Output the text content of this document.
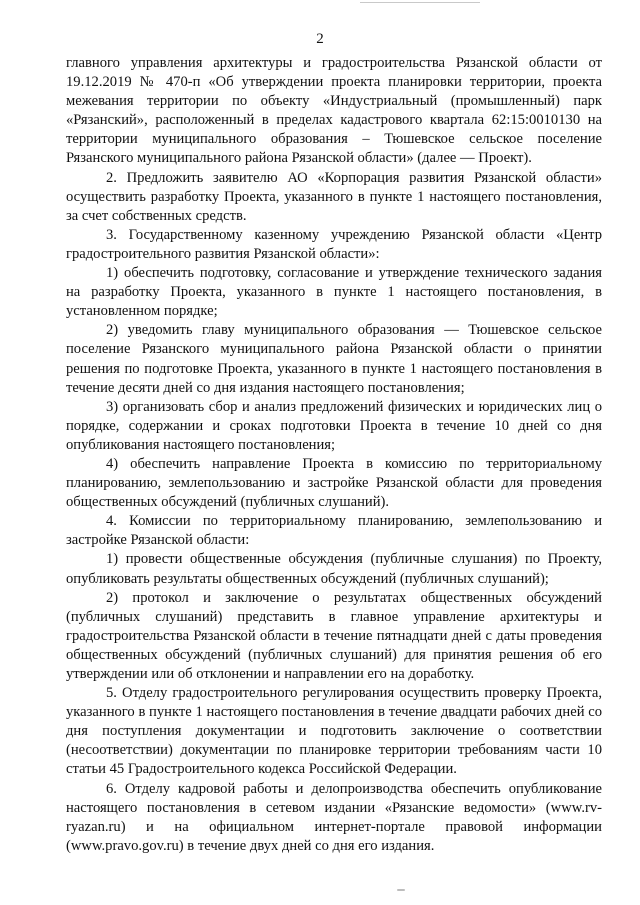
2

главного управления архитектуры и градостроительства Рязанской области от 19.12.2019 № 470-п «Об утверждении проекта планировки территории, проекта межевания территории по объекту «Индустриальный (промышленный) парк «Рязанский», расположенный в пределах кадастрового квартала 62:15:0010130 на территории муниципального образования – Тюшевское сельское поселение Рязанского муниципального района Рязанской области» (далее — Проект).

2. Предложить заявителю АО «Корпорация развития Рязанской области» осуществить разработку Проекта, указанного в пункте 1 настоящего постановления, за счет собственных средств.

3. Государственному казенному учреждению Рязанской области «Центр градостроительного развития Рязанской области»:

1) обеспечить подготовку, согласование и утверждение технического задания на разработку Проекта, указанного в пункте 1 настоящего постановления, в установленном порядке;

2) уведомить главу муниципального образования — Тюшевское сельское поселение Рязанского муниципального района Рязанской области о принятии решения по подготовке Проекта, указанного в пункте 1 настоящего постановления в течение десяти дней со дня издания настоящего постановления;

3) организовать сбор и анализ предложений физических и юридических лиц о порядке, содержании и сроках подготовки Проекта в течение 10 дней со дня опубликования настоящего постановления;

4) обеспечить направление Проекта в комиссию по территориальному планированию, землепользованию и застройке Рязанской области для проведения общественных обсуждений (публичных слушаний).

4. Комиссии по территориальному планированию, землепользованию и застройке Рязанской области:

1) провести общественные обсуждения (публичные слушания) по Проекту, опубликовать результаты общественных обсуждений (публичных слушаний);

2) протокол и заключение о результатах общественных обсуждений (публичных слушаний) представить в главное управление архитектуры и градостроительства Рязанской области в течение пятнадцати дней с даты проведения общественных обсуждений (публичных слушаний) для принятия решения об его утверждении или об отклонении и направлении его на доработку.

5. Отделу градостроительного регулирования осуществить проверку Проекта, указанного в пункте 1 настоящего постановления в течение двадцати рабочих дней со дня поступления документации и подготовить заключение о соответствии (несоответствии) документации по планировке территории требованиям части 10 статьи 45 Градостроительного кодекса Российской Федерации.

6. Отделу кадровой работы и делопроизводства обеспечить опубликование настоящего постановления в сетевом издании «Рязанские ведомости» (www.rv-ryazan.ru) и на официальном интернет-портале правовой информации (www.pravo.gov.ru) в течение двух дней со дня его издания.
